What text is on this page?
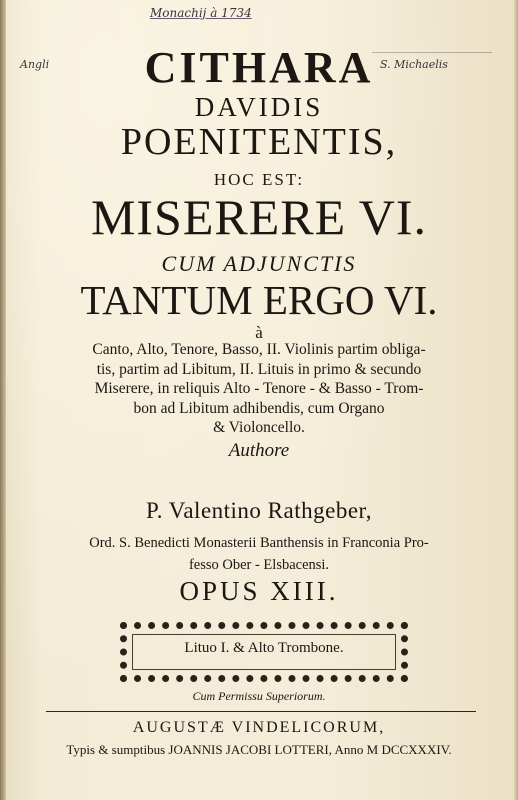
Monachij à 1734
Angli	S. Michaelis
CITHARA
DAVIDIS
POENITENTIS,
HOC EST:
MISERERE VI.
CUM ADJUNCTIS
TANTUM ERGO VI.
à
Canto, Alto, Tenore, Basso, II. Violinis partim obliga-
tis, partim ad Libitum, II. Lituis in primo & secundo
Miserere, in reliquis Alto - Tenore - & Basso - Trom-
bon ad Libitum adhibendis, cum Organo
& Violoncello.
Authore
P. Valentino Rathgeber,
Ord. S. Benedicti Monasterii Banthensis in Franconia Pro-
fesso Ober - Elsbacensi.
OPUS XIII.
Lituo I. & Alto Trombone.
Cum Permissu Superiorum.
AUGUSTÆ VINDELICORUM,
Typis & sumptibus JOANNIS JACOBI LOTTERI, Anno M DCCXXXIV.
